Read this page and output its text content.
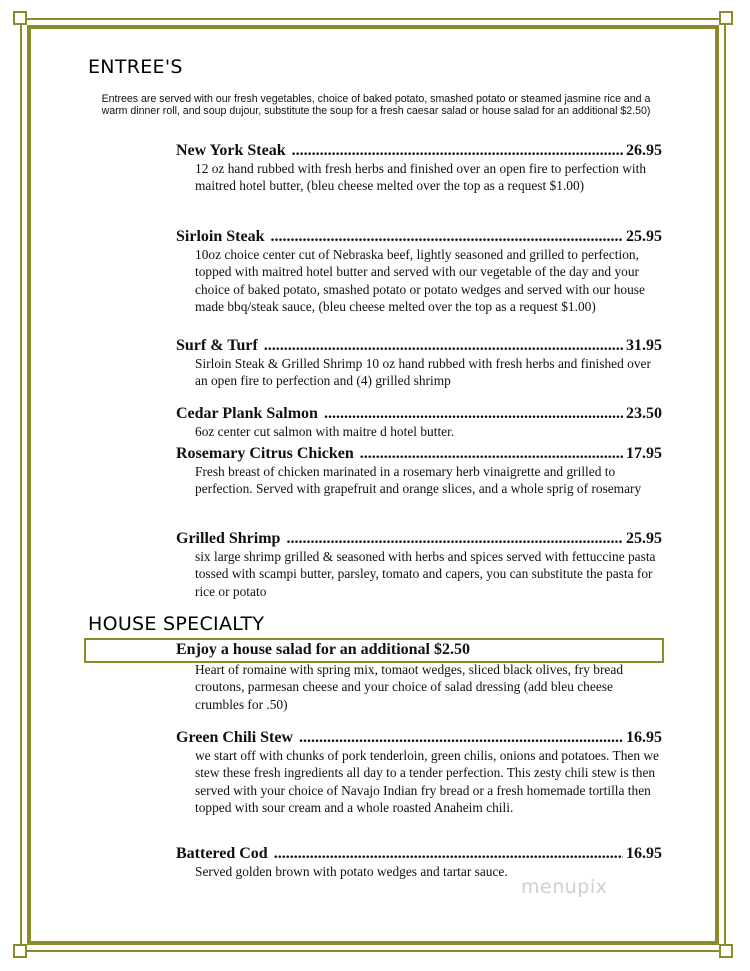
ENTREE'S
Entrees are served with our fresh vegetables, choice of baked potato, smashed potato or steamed jasmine rice and a warm dinner roll, and soup dujour, substitute the soup for a fresh caesar salad or house salad for an additional $2.50)
New York Steak .....	26.95
12 oz hand rubbed with fresh herbs and finished over an open fire to perfection with maitred hotel butter, (bleu cheese melted over the top as a request $1.00)
Sirloin Steak .....	25.95
10oz choice center cut of Nebraska beef, lightly seasoned and grilled to perfection, topped with maitred hotel butter and served with our vegetable of the day and your choice of baked potato, smashed potato or potato wedges and served with our house made bbq/steak sauce, (bleu cheese melted over the top as a request $1.00)
Surf & Turf .....	31.95
Sirloin Steak & Grilled Shrimp 10 oz hand rubbed with fresh herbs and finished over an open fire to perfection and (4) grilled shrimp
Cedar Plank Salmon .....	23.50
6oz center cut salmon with maitre d hotel butter.
Rosemary Citrus Chicken .....	17.95
Fresh breast of chicken marinated in a rosemary herb vinaigrette and grilled to perfection. Served with grapefruit and orange slices, and a whole sprig of rosemary
Grilled Shrimp .....	25.95
six large shrimp grilled & seasoned with herbs and spices served with fettuccine pasta tossed with scampi butter, parsley, tomato and capers, you can substitute the pasta for rice or potato
HOUSE SPECIALTY
Enjoy a house salad for an additional $2.50
Heart of romaine with spring mix, tomaot wedges, sliced black olives, fry bread croutons, parmesan cheese and your choice of salad dressing (add bleu cheese crumbles for .50)
Green Chili Stew .....	16.95
we start off with chunks of pork tenderloin, green chilis, onions and potatoes. Then we stew these fresh ingredients all day to a tender perfection. This zesty chili stew is then served with your choice of Navajo Indian fry bread or a fresh homemade tortilla then topped with sour cream and a whole roasted Anaheim chili.
Battered Cod .....	16.95
Served golden brown with potato wedges and tartar sauce.
menupix
